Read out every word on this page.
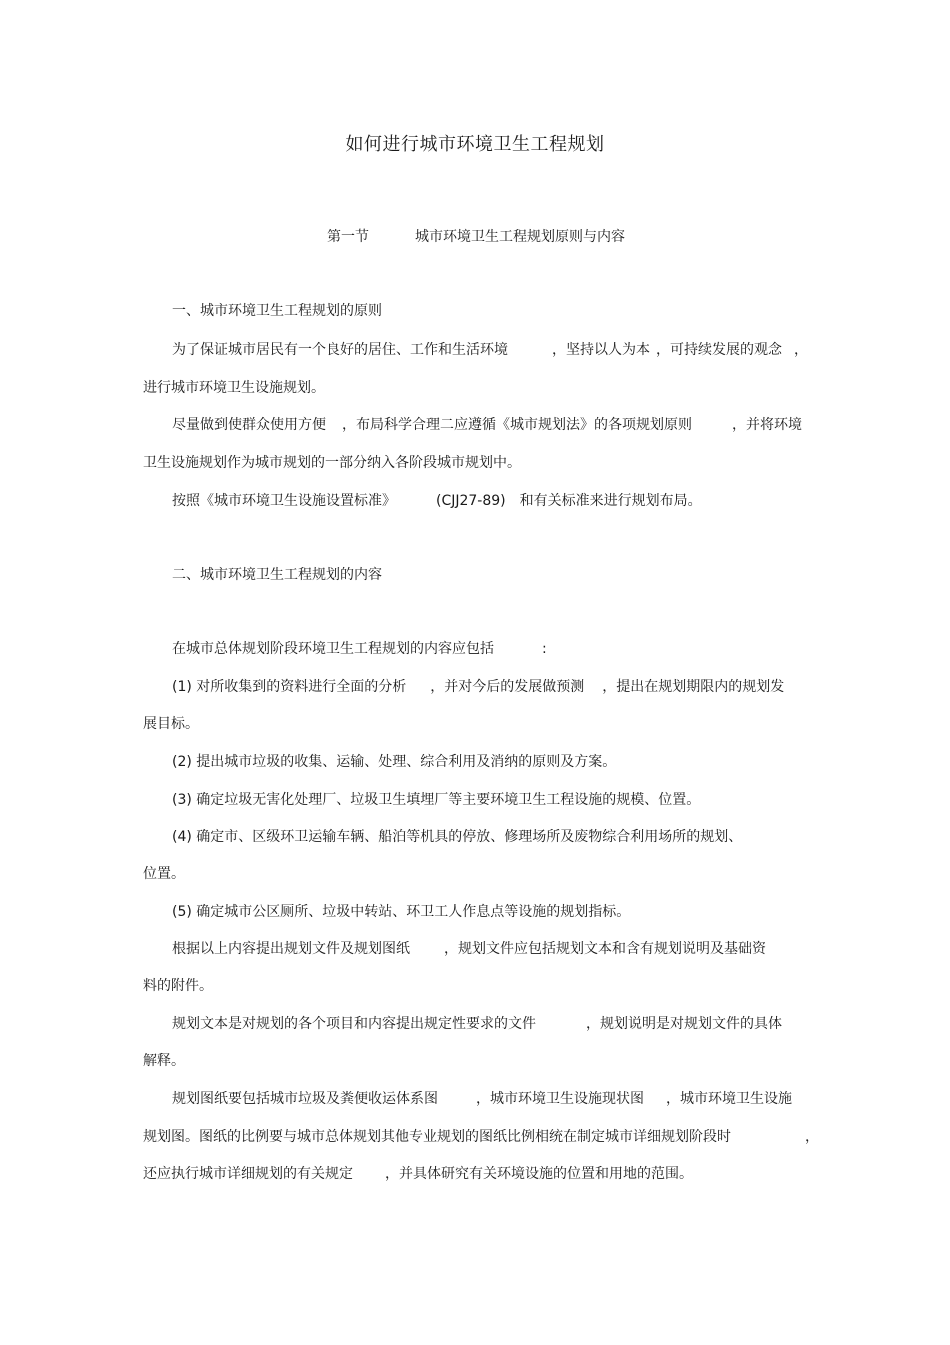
如何进行城市环境卫生工程规划
第一节	城市环境卫生工程规划原则与内容
一、城市环境卫生工程规划的原则
为了保证城市居民有一个良好的居住、工作和生活环境	，坚持以人为本 ，可持续发展的观念 ，
进行城市环境卫生设施规划。
尽量做到使群众使用方便 ，布局科学合理二应遵循《城市规划法》的各项规划原则	，并将环境
卫生设施规划作为城市规划的一部分纳入各阶段城市规划中。
按照《城市环境卫生设施设置标准》	(CJJ27-89) 和有关标准来进行规划布局。
二、城市环境卫生工程规划的内容
在城市总体规划阶段环境卫生工程规划的内容应包括	:
(1) 对所收集到的资料进行全面的分析 ，并对今后的发展做预测 ，提出在规划期限内的规划发
展目标。
(2) 提出城市垃圾的收集、运输、处理、综合利用及消纳的原则及方案。
(3) 确定垃圾无害化处理厂、垃圾卫生填埋厂等主要环境卫生工程设施的规模、位置。
(4) 确定市、区级环卫运输车辆、船泊等机具的停放、修理场所及废物综合利用场所的规划、
位置。
(5) 确定城市公区厕所、垃圾中转站、环卫工人作息点等设施的规划指标。
根据以上内容提出规划文件及规划图纸 ，规划文件应包括规划文本和含有规划说明及基础资
料的附件。
规划文本是对规划的各个项目和内容提出规定性要求的文件	，规划说明是对规划文件的具体
解释。
规划图纸要包括城市垃圾及粪便收运体系图	，城市环境卫生设施现状图 ，城市环境卫生设施
规划图。图纸的比例要与城市总体规划其他专业规划的图纸比例相统在制定城市详细规划阶段时	，
还应执行城市详细规划的有关规定 ，并具体研究有关环境设施的位置和用地的范围。
